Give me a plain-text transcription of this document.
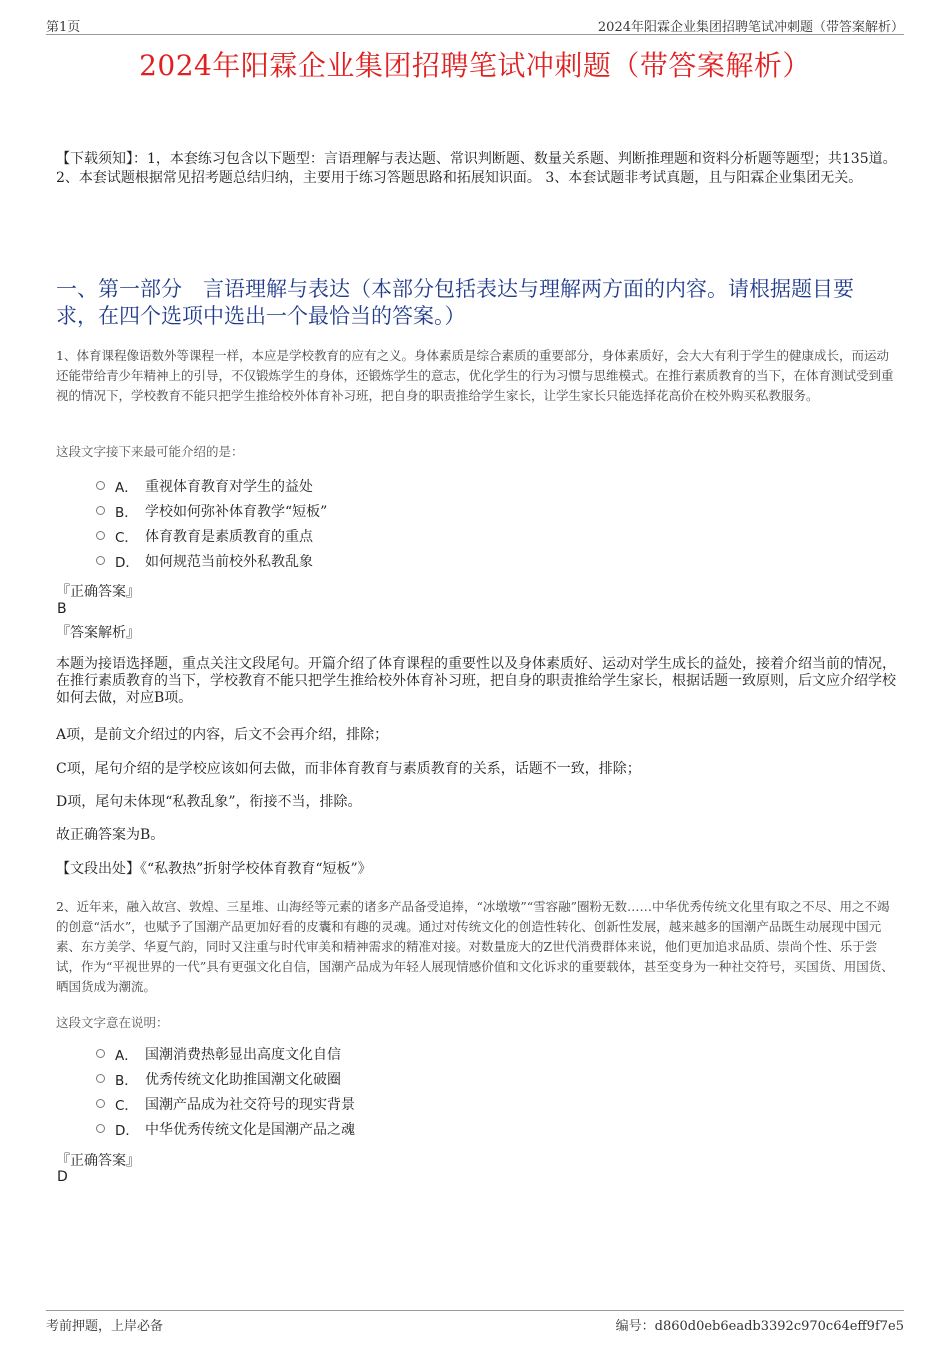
第1页	2024年阳霖企业集团招聘笔试冲刺题（带答案解析）
2024年阳霖企业集团招聘笔试冲刺题（带答案解析）
【下载须知】：1，本套练习包含以下题型：言语理解与表达题、常识判断题、数量关系题、判断推理题和资料分析题等题型；共135道。 2、本套试题根据常见招考题总结归纳，主要用于练习答题思路和拓展知识面。 3、本套试题非考试真题，且与阳霖企业集团无关。
一、第一部分　言语理解与表达（本部分包括表达与理解两方面的内容。请根据题目要求，在四个选项中选出一个最恰当的答案。）
1、体育课程像语数外等课程一样，本应是学校教育的应有之义。身体素质是综合素质的重要部分，身体素质好，会大大有利于学生的健康成长，而运动还能带给青少年精神上的引导，不仅锻炼学生的身体，还锻炼学生的意志，优化学生的行为习惯与思维模式。在推行素质教育的当下，在体育测试受到重视的情况下，学校教育不能只把学生推给校外体育补习班，把自身的职责推给学生家长，让学生家长只能选择花高价在校外购买私教服务。
这段文字接下来最可能介绍的是：
A． 重视体育教育对学生的益处
B． 学校如何弥补体育教学“短板”
C． 体育教育是素质教育的重点
D． 如何规范当前校外私教乱象
『正确答案』
B
『答案解析』
本题为接语选择题，重点关注文段尾句。开篇介绍了体育课程的重要性以及身体素质好、运动对学生成长的益处，接着介绍当前的情况，在推行素质教育的当下，学校教育不能只把学生推给校外体育补习班，把自身的职责推给学生家长，根据话题一致原则，后文应介绍学校如何去做，对应B项。
A项，是前文介绍过的内容，后文不会再介绍，排除；
C项，尾句介绍的是学校应该如何去做，而非体育教育与素质教育的关系，话题不一致，排除；
D项，尾句未体现“私教乱象”，衔接不当，排除。
故正确答案为B。
【文段出处】《“私教热”折射学校体育教育“短板”》
2、近年来，融入故宫、敦煌、三星堆、山海经等元素的诸多产品备受追捧，“冰墩墩”“雪容融”圈粉无数……中华优秀传统文化里有取之不尽、用之不竭的创意“活水”，也赋予了国潮产品更加好看的皮囊和有趣的灵魂。通过对传统文化的创造性转化、创新性发展，越来越多的国潮产品既生动展现中国元素、东方美学、华夏气韵，同时又注重与时代审美和精神需求的精准对接。对数量庞大的Z世代消费群体来说，他们更加追求品质、崇尚个性、乐于尝试，作为“平视世界的一代”具有更强文化自信，国潮产品成为年轻人展现情感价值和文化诉求的重要载体，甚至变身为一种社交符号，买国货、用国货、晒国货成为潮流。
这段文字意在说明：
A． 国潮消费热彰显出高度文化自信
B． 优秀传统文化助推国潮文化破圈
C． 国潮产品成为社交符号的现实背景
D． 中华优秀传统文化是国潮产品之魂
『正确答案』
D
考前押题，上岸必备	编号：d860d0eb6eadb3392c970c64eff9f7e5
